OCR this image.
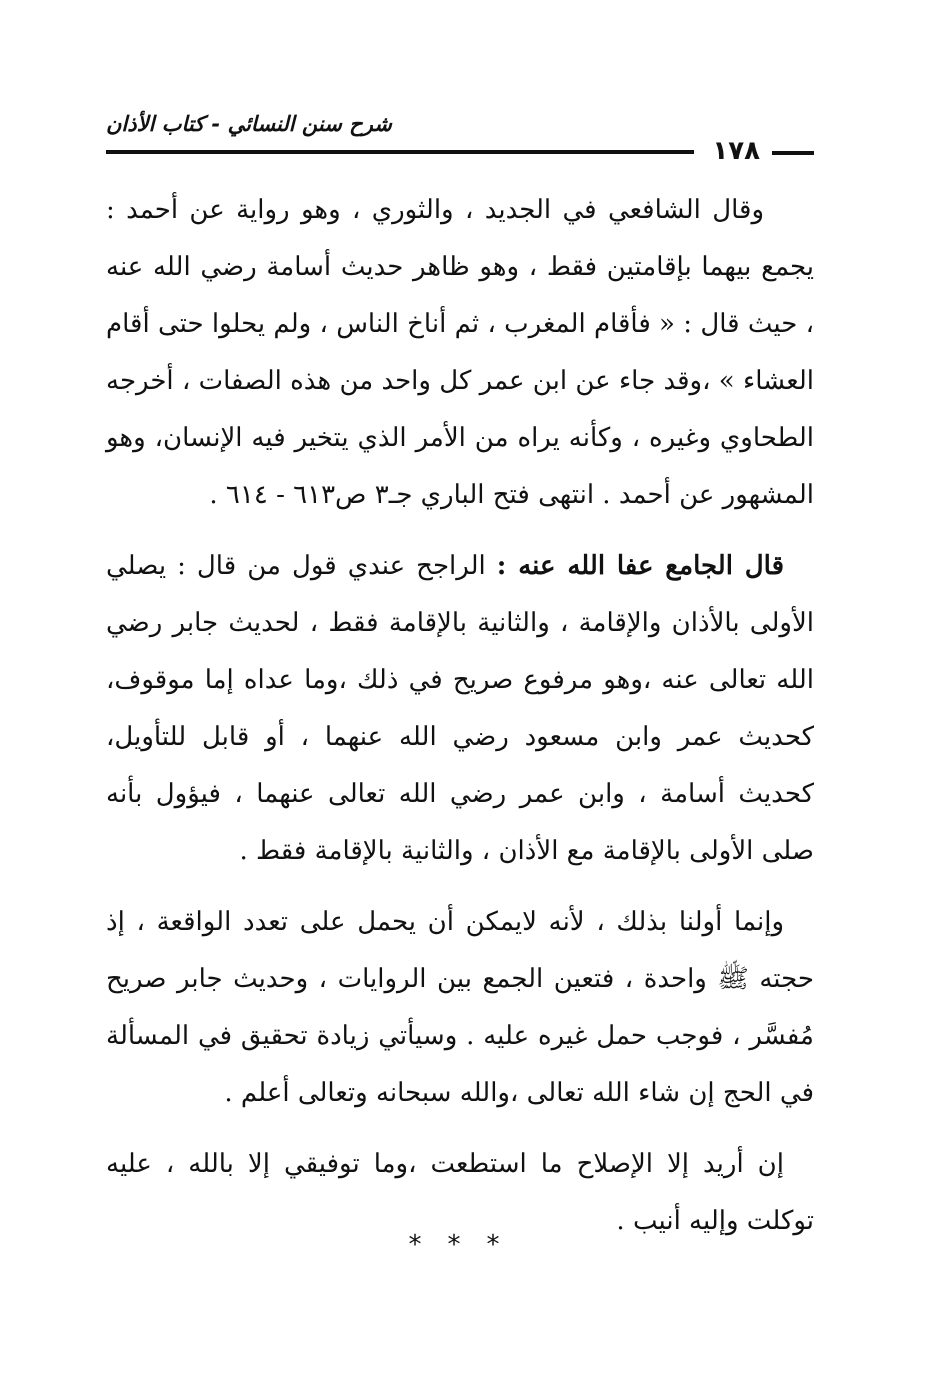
شرح سنن النسائي - كتاب الأذان
١٧٨

وقال الشافعي في الجديد ، والثوري ، وهو رواية عن أحمد : يجمع بيهما بإقامتين فقط ، وهو ظاهر حديث أسامة رضي الله عنه ، حيث قال : « فأقام المغرب ، ثم أناخ الناس ، ولم يحلوا حتى أقام العشاء » ،وقد جاء عن ابن عمر كل واحد من هذه الصفات ، أخرجه الطحاوي وغيره ، وكأنه يراه من الأمر الذي يتخير فيه الإنسان، وهو المشهور عن أحمد . انتهى فتح الباري جـ٣ ص٦١٣ - ٦١٤ .

قال الجامع عفا الله عنه : الراجح عندي قول من قال : يصلي الأولى بالأذان والإقامة ، والثانية بالإقامة فقط ، لحديث جابر رضي الله تعالى عنه ،وهو مرفوع صريح في ذلك ،وما عداه إما موقوف، كحديث عمر وابن مسعود رضي الله عنهما ، أو قابل للتأويل، كحديث أسامة ، وابن عمر رضي الله تعالى عنهما ، فيؤول بأنه صلى الأولى بالإقامة مع الأذان ، والثانية بالإقامة فقط .

وإنما أولنا بذلك ، لأنه لايمكن أن يحمل على تعدد الواقعة ، إذ حجته ﷺ واحدة ، فتعين الجمع بين الروايات ، وحديث جابر صريح مُفسَّر ، فوجب حمل غيره عليه . وسيأتي زيادة تحقيق في المسألة في الحج إن شاء الله تعالى ،والله سبحانه وتعالى أعلم .

إن أريد إلا الإصلاح ما استطعت ،وما توفيقي إلا بالله ، عليه توكلت وإليه أنيب .

***
